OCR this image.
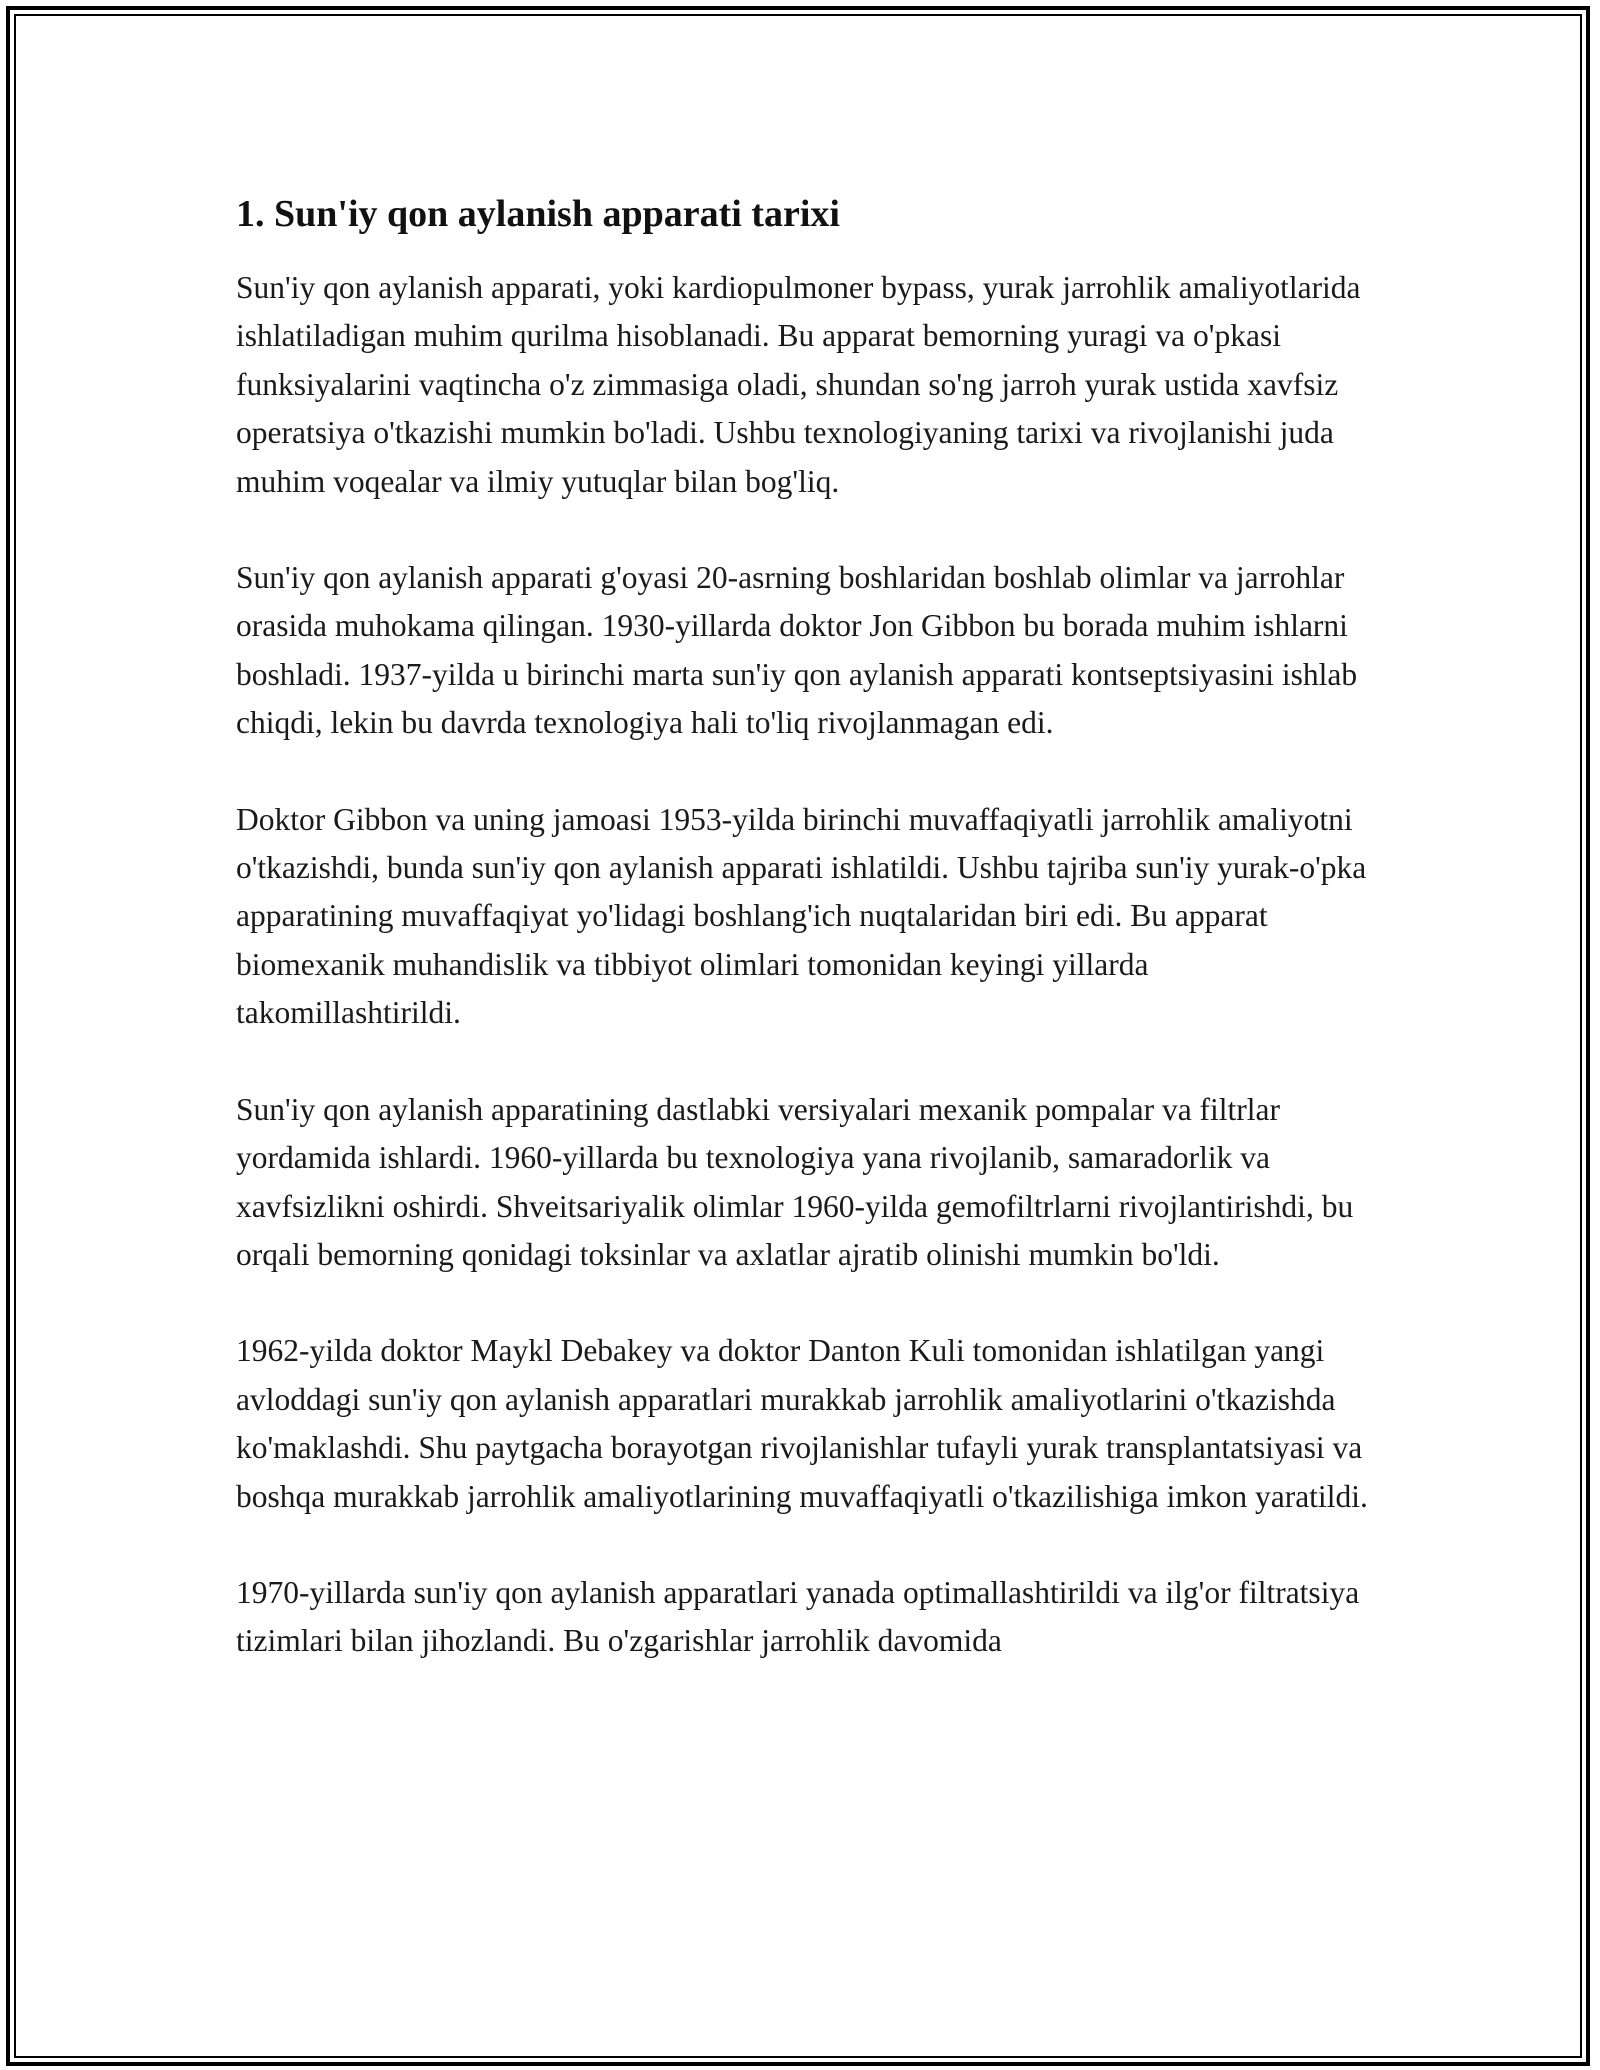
1. Sun'iy qon aylanish apparati tarixi

Sun'iy qon aylanish apparati, yoki kardiopulmoner bypass, yurak jarrohlik amaliyotlarida ishlatiladigan muhim qurilma hisoblanadi. Bu apparat bemorning yuragi va o'pkasi funksiyalarini vaqtincha o'z zimmasiga oladi, shundan so'ng jarroh yurak ustida xavfsiz operatsiya o'tkazishi mumkin bo'ladi. Ushbu texnologiyaning tarixi va rivojlanishi juda muhim voqealar va ilmiy yutuqlar bilan bog'liq.

Sun'iy qon aylanish apparati g'oyasi 20-asrning boshlaridan boshlab olimlar va jarrohlar orasida muhokama qilingan. 1930-yillarda doktor Jon Gibbon bu borada muhim ishlarni boshladi. 1937-yilda u birinchi marta sun'iy qon aylanish apparati kontseptsiyasini ishlab chiqdi, lekin bu davrda texnologiya hali to'liq rivojlanmagan edi.

Doktor Gibbon va uning jamoasi 1953-yilda birinchi muvaffaqiyatli jarrohlik amaliyotni o'tkazishdi, bunda sun'iy qon aylanish apparati ishlatildi. Ushbu tajriba sun'iy yurak-o'pka apparatining muvaffaqiyat yo'lidagi boshlang'ich nuqtalaridan biri edi. Bu apparat biomexanik muhandislik va tibbiyot olimlari tomonidan keyingi yillarda takomillashtirildi.

Sun'iy qon aylanish apparatining dastlabki versiyalari mexanik pompalar va filtrlar yordamida ishlardi. 1960-yillarda bu texnologiya yana rivojlanib, samaradorlik va xavfsizlikni oshirdi. Shveitsariyalik olimlar 1960-yilda gemofiltrlarni rivojlantirishdi, bu orqali bemorning qonidagi toksinlar va axlatlar ajratib olinishi mumkin bo'ldi.

1962-yilda doktor Maykl Debakey va doktor Danton Kuli tomonidan ishlatilgan yangi avloddagi sun'iy qon aylanish apparatlari murakkab jarrohlik amaliyotlarini o'tkazishda ko'maklashdi. Shu paytgacha borayotgan rivojlanishlar tufayli yurak transplantatsiyasi va boshqa murakkab jarrohlik amaliyotlarining muvaffaqiyatli o'tkazilishiga imkon yaratildi.

1970-yillarda sun'iy qon aylanish apparatlari yanada optimallashtirildi va ilg'or filtratsiya tizimlari bilan jihozlandi. Bu o'zgarishlar jarrohlik davomida
